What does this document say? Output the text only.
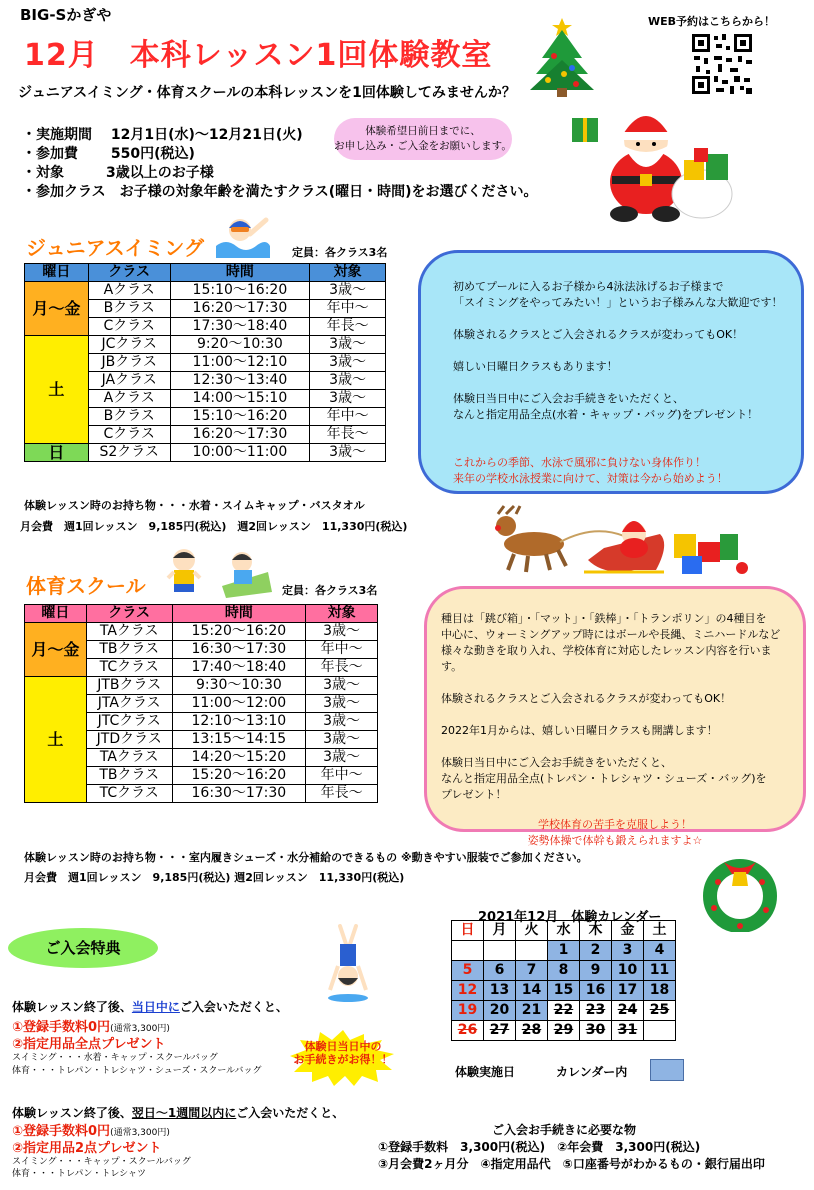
BIG-Sかぎや
12月　本科レッスン1回体験教室
ジュニアスイミング・体育スクールの本科レッスンを1回体験してみませんか？
WEB予約はこちらから！
・実施期間　 12月1日(水)～12月21日(火)
・参加費　　 550円(税込)
・対象　　　3歳以上のお子様
・参加クラス　お子様の対象年齢を満たすクラス(曜日・時間)をお選びください。
体験希望日前日までに、
お申し込み・ご入金をお願いします。
ジュニアスイミング	定員：各クラス3名
曜日	クラス	時間	対象
月～金	Aクラス	15:10～16:20	3歳～
	Bクラス	16:20～17:30	年中～
	Cクラス	17:30～18:40	年長～
土	JCクラス	9:20～10:30	3歳～
	JBクラス	11:00～12:10	3歳～
	JAクラス	12:30～13:40	3歳～
	Aクラス	14:00～15:10	3歳～
	Bクラス	15:10～16:20	年中～
	Cクラス	16:20～17:30	年長～
日	S2クラス	10:00～11:00	3歳～
体験レッスン時のお持ち物・・・水着・スイムキャップ・バスタオル
月会費　週1回レッスン　9,185円(税込)　週2回レッスン　11,330円(税込)
初めてプールに入るお子様から4泳法泳げるお子様まで
「スイミングをやってみたい！」というお子様みんな大歓迎です！
体験されるクラスとご入会されるクラスが変わってもOK！
嬉しい日曜日クラスもあります！
体験日当日中にご入会お手続きをいただくと、
なんと指定用品全点(水着・キャップ・バッグ)をプレゼント！
これからの季節、水泳で風邪に負けない身体作り！
来年の学校水泳授業に向けて、対策は今から始めよう！
体育スクール	定員：各クラス3名
曜日	クラス	時間	対象
月～金	TAクラス	15:20～16:20	3歳～
	TBクラス	16:30～17:30	年中～
	TCクラス	17:40～18:40	年長～
土	JTBクラス	9:30～10:30	3歳～
	JTAクラス	11:00～12:00	3歳～
	JTCクラス	12:10～13:10	3歳～
	JTDクラス	13:15～14:15	3歳～
	TAクラス	14:20～15:20	3歳～
	TBクラス	15:20～16:20	年中～
	TCクラス	16:30～17:30	年長～
体験レッスン時のお持ち物・・・室内履きシューズ・水分補給のできるもの ※動きやすい服装でご参加ください。
月会費　週1回レッスン　9,185円(税込) 週2回レッスン　11,330円(税込)
種目は「跳び箱」・「マット」・「鉄棒」・「トランポリン」の4種目を
中心に、ウォーミングアップ時にはボールや長縄、ミニハードルなど
様々な動きを取り入れ、学校体育に対応したレッスン内容を行います。
体験されるクラスとご入会されるクラスが変わってもOK！
2022年1月からは、嬉しい日曜日クラスも開講します！
体験日当日中にご入会お手続きをいただくと、
なんと指定用品全点(トレパン・トレシャツ・シューズ・バッグ)を
プレゼント！
学校体育の苦手を克服しよう！
姿勢体操で体幹も鍛えられますよ☆
ご入会特典
体験日当日中の
お手続きがお得！！
体験レッスン終了後、当日中にご入会いただくと、
①登録手数料0円(通常3,300円)
②指定用品全点プレゼント
スイミング・・・水着・キャップ・スクールバッグ
体育・・・トレパン・トレシャツ・シューズ・スクールバッグ
体験レッスン終了後、翌日～1週間以内にご入会いただくと、
①登録手数料0円(通常3,300円)
②指定用品2点プレゼント
スイミング・・・キャップ・スクールバッグ
体育・・・トレパン・トレシャツ
2021年12月　体験カレンダー
日	月	火	水	木	金	土
			1	2	3	4
5	6	7	8	9	10	11
12	13	14	15	16	17	18
19	20	21	22	23	24	25
26	27	28	29	30	31	
体験実施日	カレンダー内
ご入会お手続きに必要な物
①登録手数料　3,300円(税込)　②年会費　3,300円(税込)
③月会費2ヶ月分　④指定用品代　⑤口座番号がわかるもの・銀行届出印
